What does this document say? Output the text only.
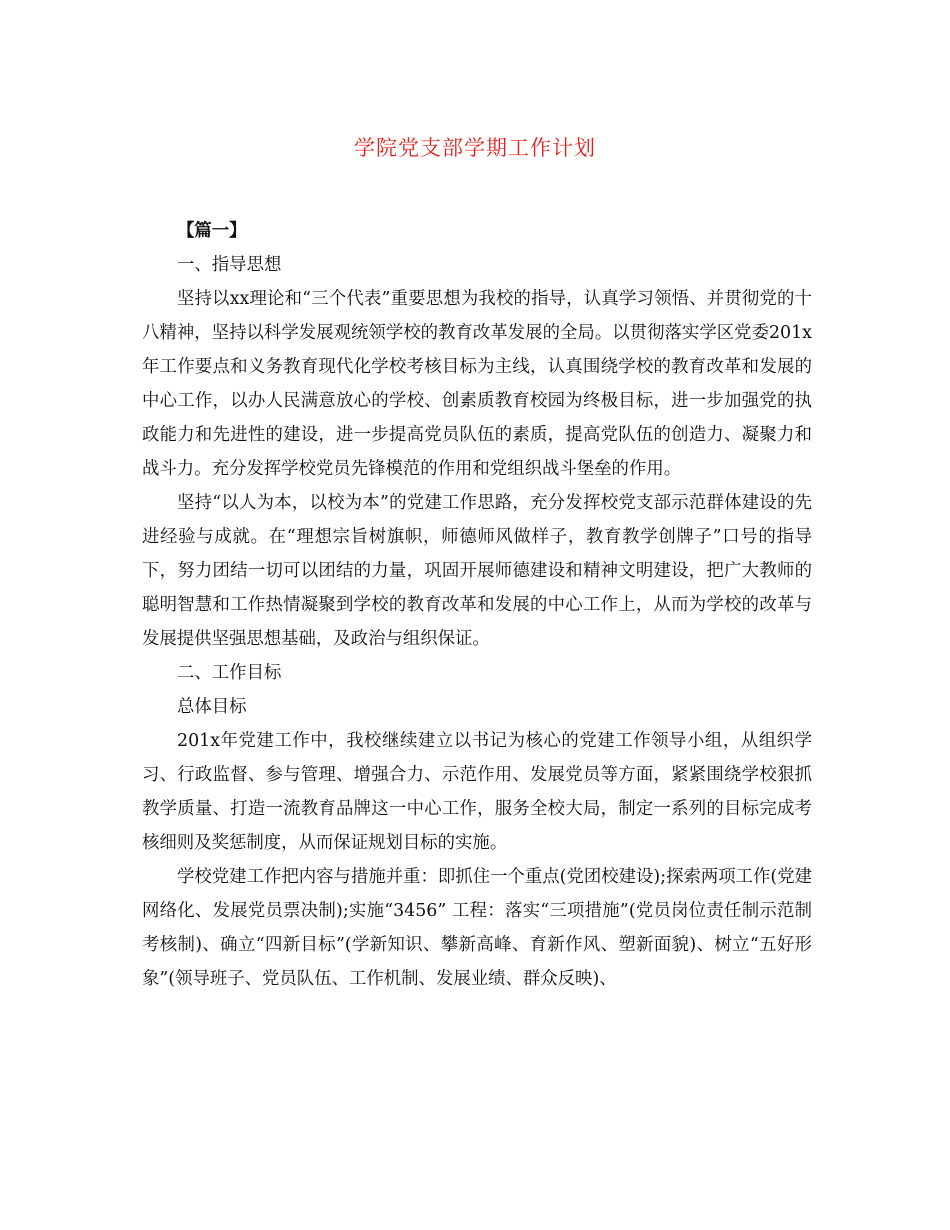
学院党支部学期工作计划

【篇一】

一、指导思想

坚持以xx理论和“三个代表”重要思想为我校的指导，认真学习领悟、并贯彻党的十八精神，坚持以科学发展观统领学校的教育改革发展的全局。以贯彻落实学区党委201x年工作要点和义务教育现代化学校考核目标为主线，认真围绕学校的教育改革和发展的中心工作，以办人民满意放心的学校、创素质教育校园为终极目标，进一步加强党的执政能力和先进性的建设，进一步提高党员队伍的素质，提高党队伍的创造力、凝聚力和战斗力。充分发挥学校党员先锋模范的作用和党组织战斗堡垒的作用。

坚持“以人为本，以校为本”的党建工作思路，充分发挥校党支部示范群体建设的先进经验与成就。在“理想宗旨树旗帜，师德师风做样子，教育教学创牌子”口号的指导下，努力团结一切可以团结的力量，巩固开展师德建设和精神文明建设，把广大教师的聪明智慧和工作热情凝聚到学校的教育改革和发展的中心工作上，从而为学校的改革与发展提供坚强思想基础，及政治与组织保证。

二、工作目标

总体目标

201x年党建工作中，我校继续建立以书记为核心的党建工作领导小组，从组织学习、行政监督、参与管理、增强合力、示范作用、发展党员等方面，紧紧围绕学校狠抓教学质量、打造一流教育品牌这一中心工作，服务全校大局，制定一系列的目标完成考核细则及奖惩制度，从而保证规划目标的实施。

学校党建工作把内容与措施并重：即抓住一个重点(党团校建设);探索两项工作(党建网络化、发展党员票决制);实施“3456” 工程：落实“三项措施”(党员岗位责任制示范制考核制)、确立“四新目标”(学新知识、攀新高峰、育新作风、塑新面貌)、树立“五好形象”(领导班子、党员队伍、工作机制、发展业绩、群众反映)、
